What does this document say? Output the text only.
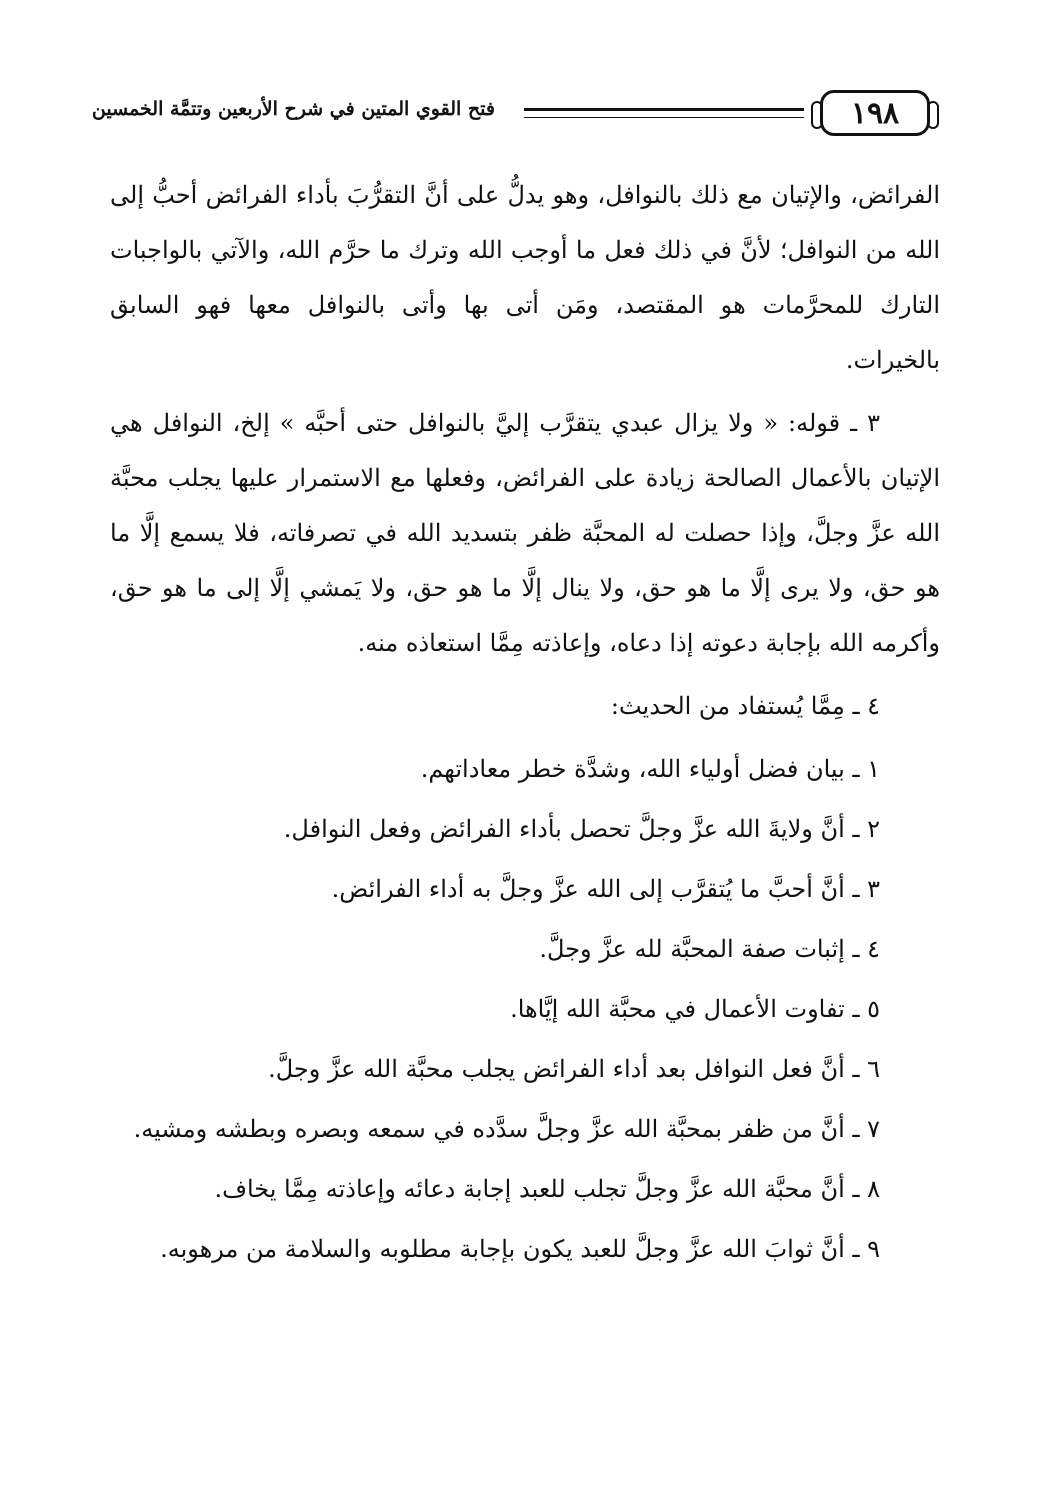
١٩٨
فتح القوي المتين في شرح الأربعين وتتمَّة الخمسين

الفرائض، والإتيان مع ذلك بالنوافل، وهو يدلُّ على أنَّ التقرُّبَ بأداء الفرائض أحبُّ إلى الله من النوافل؛ لأنَّ في ذلك فعل ما أوجب الله وترك ما حرَّم الله، والآتي بالواجبات التارك للمحرَّمات هو المقتصد، ومَن أتى بها وأتى بالنوافل معها فهو السابق بالخيرات.

٣ ـ قوله: « ولا يزال عبدي يتقرَّب إليَّ بالنوافل حتى أحبَّه » إلخ، النوافل هي الإتيان بالأعمال الصالحة زيادة على الفرائض، وفعلها مع الاستمرار عليها يجلب محبَّة الله عزَّ وجلَّ، وإذا حصلت له المحبَّة ظفر بتسديد الله في تصرفاته، فلا يسمع إلَّا ما هو حق، ولا يرى إلَّا ما هو حق، ولا ينال إلَّا ما هو حق، ولا يَمشي إلَّا إلى ما هو حق، وأكرمه الله بإجابة دعوته إذا دعاه، وإعاذته مِمَّا استعاذه منه.

٤ ـ مِمَّا يُستفاد من الحديث:

١ ـ بيان فضل أولياء الله، وشدَّة خطر معاداتهم.
٢ ـ أنَّ ولايةَ الله عزَّ وجلَّ تحصل بأداء الفرائض وفعل النوافل.
٣ ـ أنَّ أحبَّ ما يُتقرَّب إلى الله عزَّ وجلَّ به أداء الفرائض.
٤ ـ إثبات صفة المحبَّة لله عزَّ وجلَّ.
٥ ـ تفاوت الأعمال في محبَّة الله إيَّاها.
٦ ـ أنَّ فعل النوافل بعد أداء الفرائض يجلب محبَّة الله عزَّ وجلَّ.
٧ ـ أنَّ من ظفر بمحبَّة الله عزَّ وجلَّ سدَّده في سمعه وبصره وبطشه ومشيه.
٨ ـ أنَّ محبَّة الله عزَّ وجلَّ تجلب للعبد إجابة دعائه وإعاذته مِمَّا يخاف.
٩ ـ أنَّ ثوابَ الله عزَّ وجلَّ للعبد يكون بإجابة مطلوبه والسلامة من مرهوبه.
